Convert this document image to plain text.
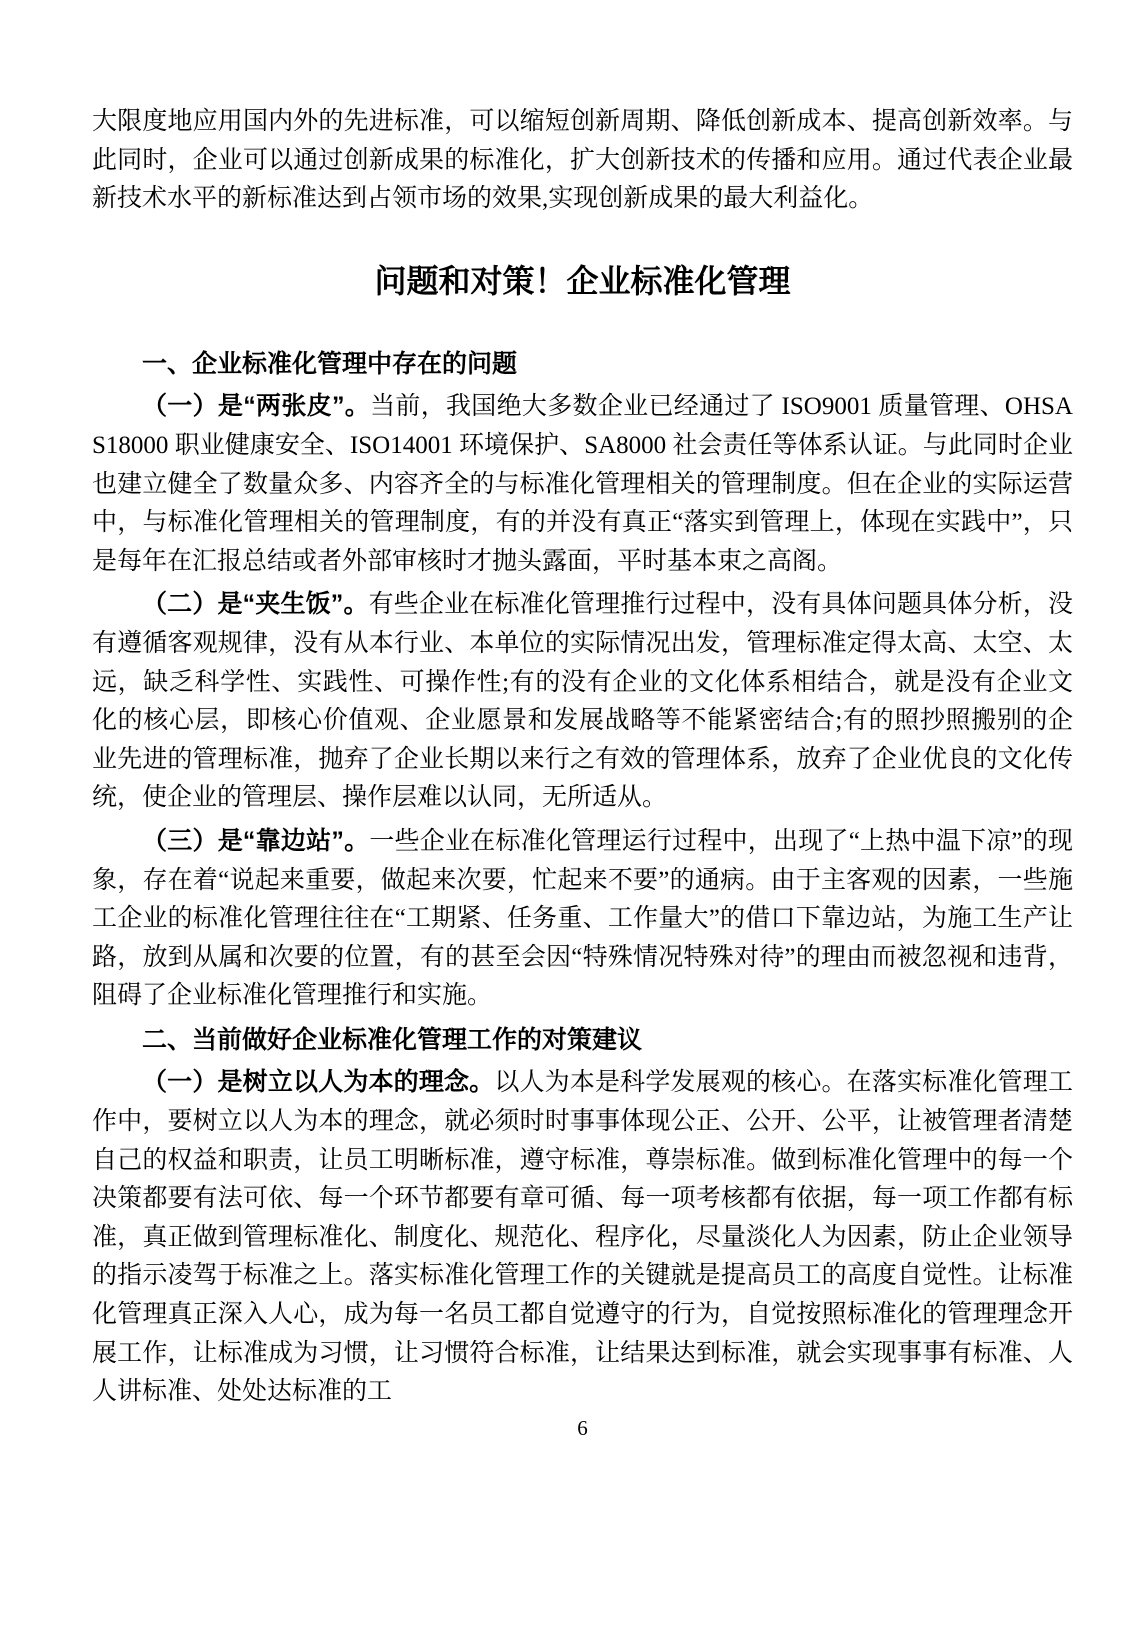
大限度地应用国内外的先进标准，可以缩短创新周期、降低创新成本、提高创新效率。与此同时，企业可以通过创新成果的标准化，扩大创新技术的传播和应用。通过代表企业最新技术水平的新标准达到占领市场的效果,实现创新成果的最大利益化。

问题和对策！企业标准化管理
一、企业标准化管理中存在的问题

（一）是“两张皮”。当前，我国绝大多数企业已经通过了 ISO9001 质量管理、OHSAS18000 职业健康安全、ISO14001 环境保护、SA8000 社会责任等体系认证。与此同时企业也建立健全了数量众多、内容齐全的与标准化管理相关的管理制度。但在企业的实际运营中，与标准化管理相关的管理制度，有的并没有真正“落实到管理上，体现在实践中”，只是每年在汇报总结或者外部审核时才抛头露面，平时基本束之高阁。

（二）是“夹生饭”。有些企业在标准化管理推行过程中，没有具体问题具体分析，没有遵循客观规律，没有从本行业、本单位的实际情况出发，管理标准定得太高、太空、太远，缺乏科学性、实践性、可操作性;有的没有企业的文化体系相结合，就是没有企业文化的核心层，即核心价值观、企业愿景和发展战略等不能紧密结合;有的照抄照搬别的企业先进的管理标准，抛弃了企业长期以来行之有效的管理体系，放弃了企业优良的文化传统，使企业的管理层、操作层难以认同，无所适从。

（三）是“靠边站”。一些企业在标准化管理运行过程中，出现了“上热中温下凉”的现象，存在着“说起来重要，做起来次要，忙起来不要”的通病。由于主客观的因素，一些施工企业的标准化管理往往在“工期紧、任务重、工作量大”的借口下靠边站，为施工生产让路，放到从属和次要的位置，有的甚至会因“特殊情况特殊对待”的理由而被忽视和违背，阻碍了企业标准化管理推行和实施。

二、当前做好企业标准化管理工作的对策建议

（一）是树立以人为本的理念。以人为本是科学发展观的核心。在落实标准化管理工作中，要树立以人为本的理念，就必须时时事事体现公正、公开、公平，让被管理者清楚自己的权益和职责，让员工明晰标准，遵守标准，尊崇标准。做到标准化管理中的每一个决策都要有法可依、每一个环节都要有章可循、每一项考核都有依据，每一项工作都有标准，真正做到管理标准化、制度化、规范化、程序化，尽量淡化人为因素，防止企业领导的指示凌驾于标准之上。落实标准化管理工作的关键就是提高员工的高度自觉性。让标准化管理真正深入人心，成为每一名员工都自觉遵守的行为，自觉按照标准化的管理理念开展工作，让标准成为习惯，让习惯符合标准，让结果达到标准，就会实现事事有标准、人人讲标准、处处达标准的工

6
